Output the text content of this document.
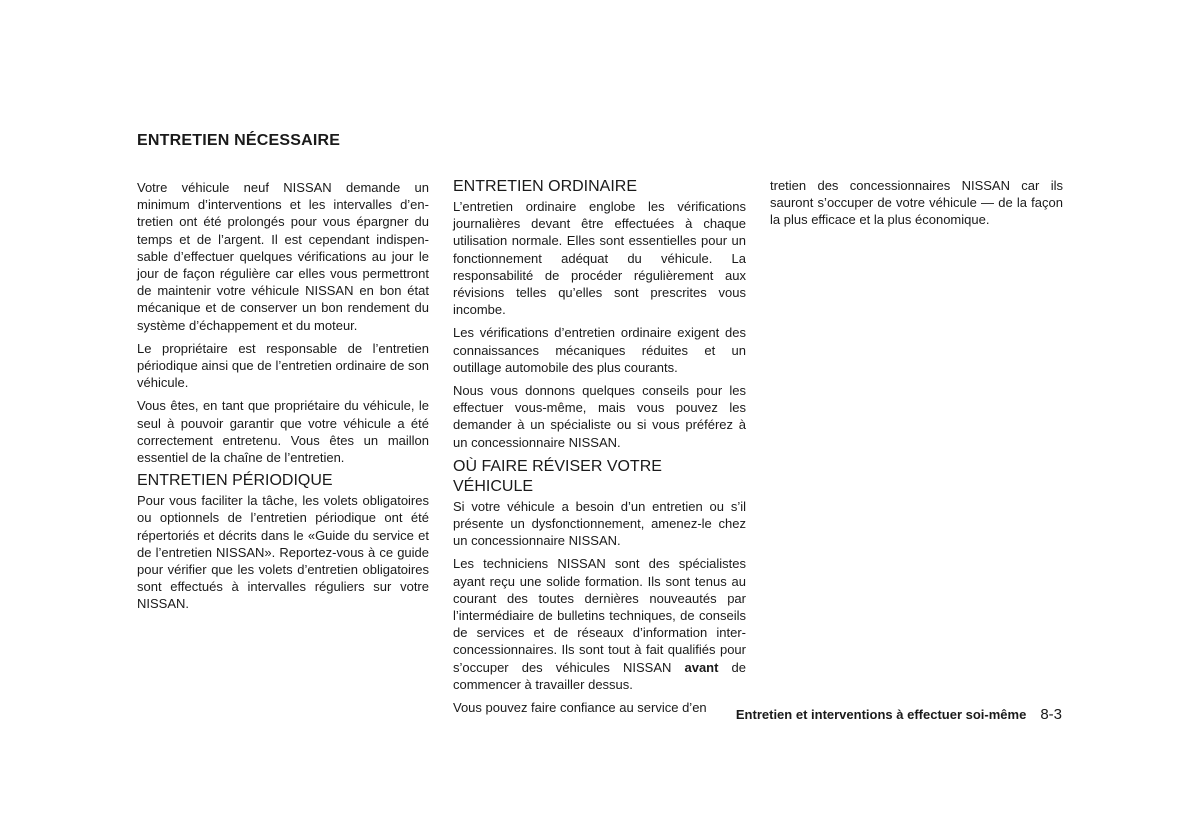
ENTRETIEN NÉCESSAIRE

Votre véhicule neuf NISSAN demande un minimum d’interventions et les intervalles d’entretien ont été prolongés pour vous épargner du temps et de l’argent. Il est cependant indispensable d’effectuer quelques vérifications au jour le jour de façon régulière car elles vous permettront de maintenir votre véhicule NISSAN en bon état mécanique et de conserver un bon rendement du système d’échappement et du moteur.

Le propriétaire est responsable de l’entretien périodique ainsi que de l’entretien ordinaire de son véhicule.

Vous êtes, en tant que propriétaire du véhicule, le seul à pouvoir garantir que votre véhicule a été correctement entretenu. Vous êtes un maillon essentiel de la chaîne de l’entretien.

ENTRETIEN PÉRIODIQUE

Pour vous faciliter la tâche, les volets obligatoires ou optionnels de l’entretien périodique ont été répertoriés et décrits dans le «Guide du service et de l’entretien NISSAN». Reportez-vous à ce guide pour vérifier que les volets d’entretien obligatoires sont effectués à intervalles réguliers sur votre NISSAN.

ENTRETIEN ORDINAIRE

L’entretien ordinaire englobe les vérifications journalières devant être effectuées à chaque utilisation normale. Elles sont essentielles pour un fonctionnement adéquat du véhicule. La responsabilité de procéder régulièrement aux révisions telles qu’elles sont prescrites vous incombe.

Les vérifications d’entretien ordinaire exigent des connaissances mécaniques réduites et un outillage automobile des plus courants.

Nous vous donnons quelques conseils pour les effectuer vous-même, mais vous pouvez les demander à un spécialiste ou si vous préférez à un concessionnaire NISSAN.

OÙ FAIRE RÉVISER VOTRE VÉHICULE

Si votre véhicule a besoin d’un entretien ou s’il présente un dysfonctionnement, amenez-le chez un concessionnaire NISSAN.

Les techniciens NISSAN sont des spécialistes ayant reçu une solide formation. Ils sont tenus au courant des toutes dernières nouveautés par l’intermédiaire de bulletins techniques, de conseils de services et de réseaux d’information inter-concessionnaires. Ils sont tout à fait qualifiés pour s’occuper des véhicules NISSAN avant de commencer à travailler dessus.

Vous pouvez faire confiance au service d’en

tretien des concessionnaires NISSAN car ils sauront s’occuper de votre véhicule — de la façon la plus efficace et la plus économique.

Entretien et interventions à effectuer soi-même 8-3
